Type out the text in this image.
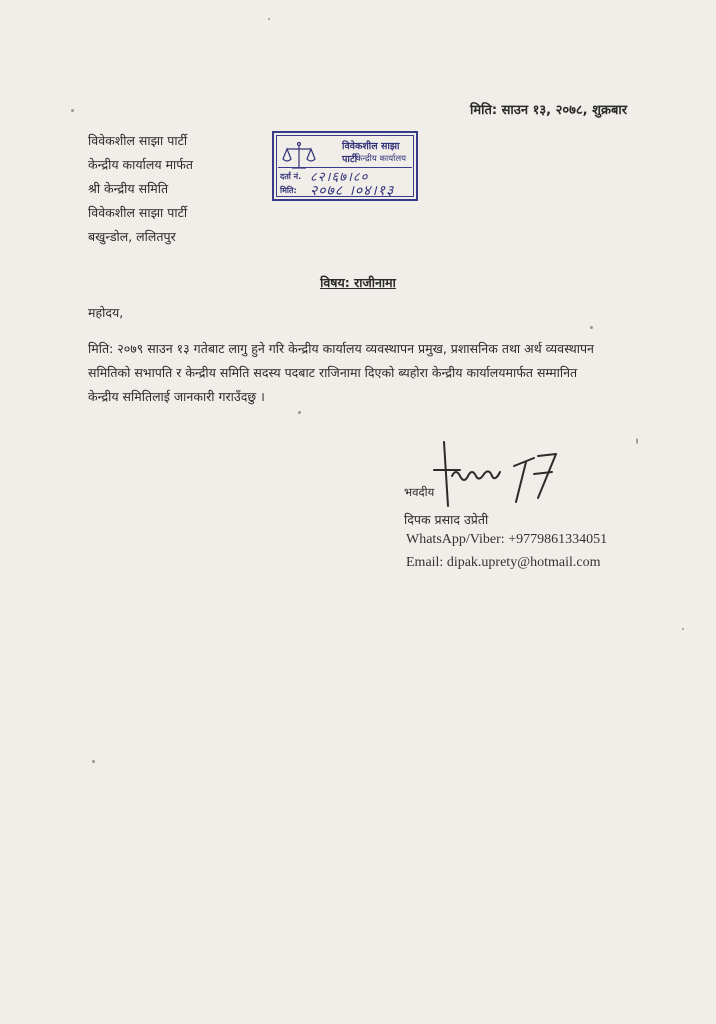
मिति: साउन १३, २०७८, शुक्रबार
विवेकशील साझा पार्टी
केन्द्रीय कार्यालय मार्फत
श्री केन्द्रीय समिति
विवेकशील साझा पार्टी
बखुन्डोल, ललितपुर
विवेकशील साझा पार्टी
केन्द्रीय कार्यालय
दर्ता नं. ८२।६७।८०
मिति: २०७८ ।०४।१३
विषय: राजीनामा
महोदय,
मिति: २०७९ साउन १३ गतेबाट लागु हुने गरि केन्द्रीय कार्यालय व्यवस्थापन प्रमुख, प्रशासनिक तथा अर्थ व्यवस्थापन
समितिको सभापति र केन्द्रीय समिति सदस्य पदबाट राजिनामा दिएको ब्यहोरा केन्द्रीय कार्यालयमार्फत सम्मानित
केन्द्रीय समितिलाई जानकारी गराउँदछु ।
भवदीय
दिपक प्रसाद उप्रेती
WhatsApp/Viber: +9779861334051
Email: dipak.uprety@hotmail.com
